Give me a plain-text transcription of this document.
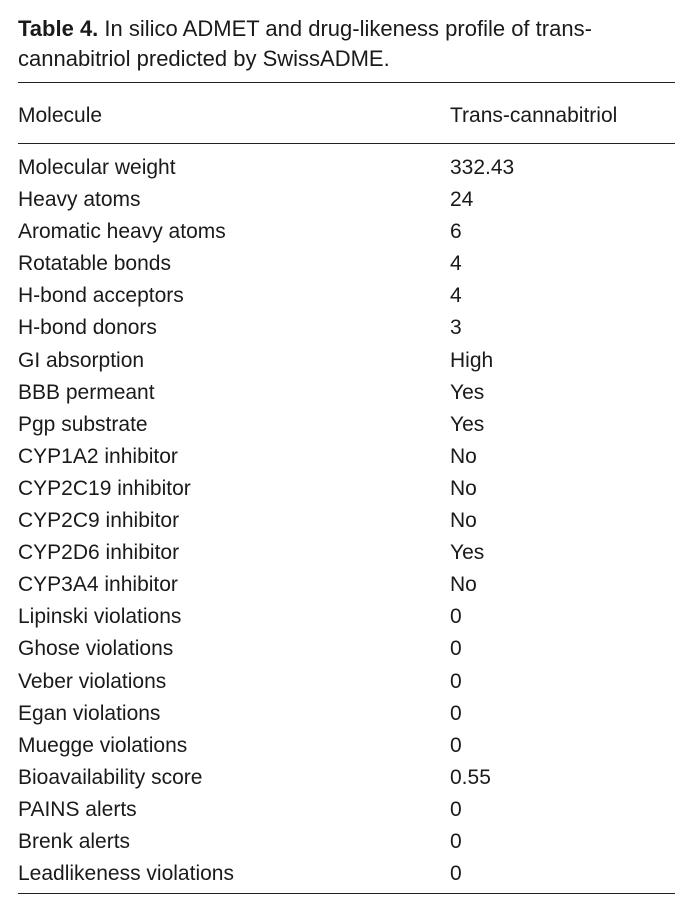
Table 4. In silico ADMET and drug-likeness profile of trans-cannabitriol predicted by SwissADME.
Molecule	Trans-cannabitriol
Molecular weight	332.43
Heavy atoms	24
Aromatic heavy atoms	6
Rotatable bonds	4
H-bond acceptors	4
H-bond donors	3
GI absorption	High
BBB permeant	Yes
Pgp substrate	Yes
CYP1A2 inhibitor	No
CYP2C19 inhibitor	No
CYP2C9 inhibitor	No
CYP2D6 inhibitor	Yes
CYP3A4 inhibitor	No
Lipinski violations	0
Ghose violations	0
Veber violations	0
Egan violations	0
Muegge violations	0
Bioavailability score	0.55
PAINS alerts	0
Brenk alerts	0
Leadlikeness violations	0
